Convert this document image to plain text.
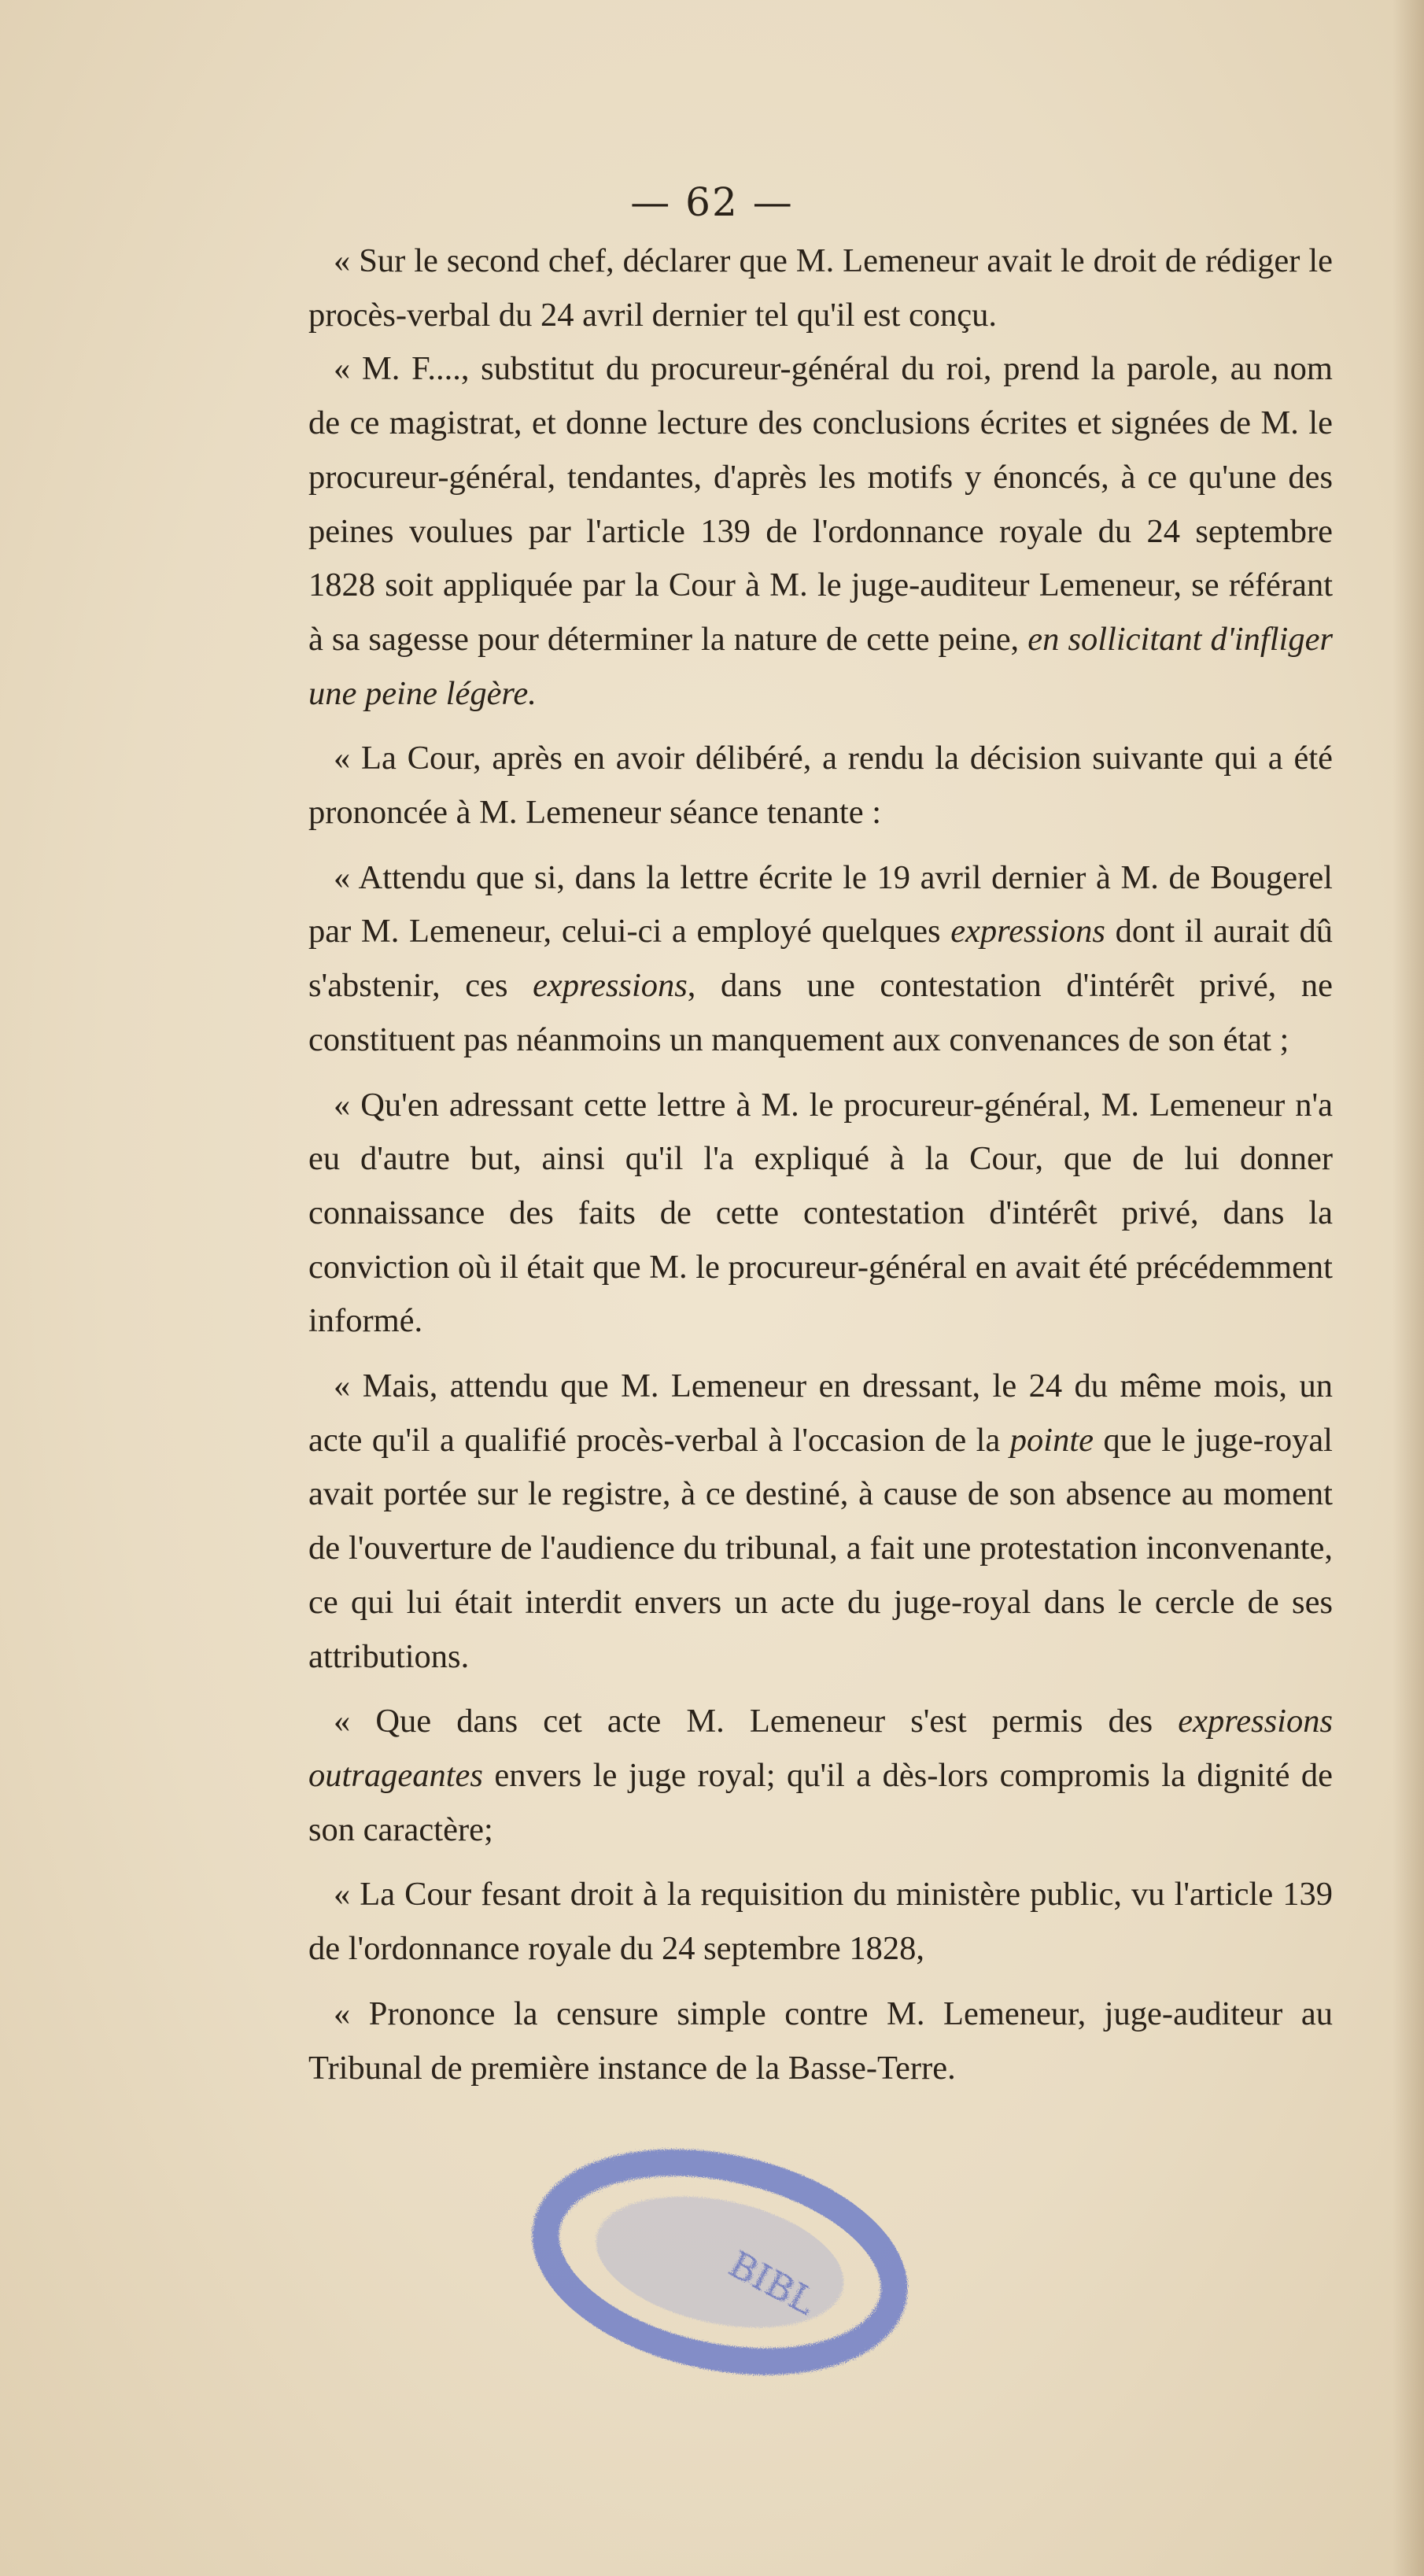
— 62 —

« Sur le second chef, déclarer que M. Lemeneur avait le droit de rédiger le procès-verbal du 24 avril dernier tel qu'il est conçu.

« M. F...., substitut du procureur-général du roi, prend la parole, au nom de ce magistrat, et donne lecture des conclusions écrites et signées de M. le procureur-général, tendantes, d'après les motifs y énoncés, à ce qu'une des peines voulues par l'article 139 de l'ordonnance royale du 24 septembre 1828 soit appliquée par la Cour à M. le juge-auditeur Lemeneur, se référant à sa sagesse pour déterminer la nature de cette peine, en sollicitant d'infliger une peine légère.

« La Cour, après en avoir délibéré, a rendu la décision suivante qui a été prononcée à M. Lemeneur séance tenante :

« Attendu que si, dans la lettre écrite le 19 avril dernier à M. de Bougerel par M. Lemeneur, celui-ci a employé quelques expressions dont il aurait dû s'abstenir, ces expressions, dans une contestation d'intérêt privé, ne constituent pas néanmoins un manquement aux convenances de son état ;

« Qu'en adressant cette lettre à M. le procureur-général, M. Lemeneur n'a eu d'autre but, ainsi qu'il l'a expliqué à la Cour, que de lui donner connaissance des faits de cette contestation d'intérêt privé, dans la conviction où il était que M. le procureur-général en avait été précédemment informé.

« Mais, attendu que M. Lemeneur en dressant, le 24 du même mois, un acte qu'il a qualifié procès-verbal à l'occasion de la pointe que le juge-royal avait portée sur le registre, à ce destiné, à cause de son absence au moment de l'ouverture de l'audience du tribunal, a fait une protestation inconvenante, ce qui lui était interdit envers un acte du juge-royal dans le cercle de ses attributions.

« Que dans cet acte M. Lemeneur s'est permis des expressions outrageantes envers le juge royal; qu'il a dès-lors compromis la dignité de son caractère;

« La Cour fesant droit à la requisition du ministère public, vu l'article 139 de l'ordonnance royale du 24 septembre 1828,

« Prononce la censure simple contre M. Lemeneur, juge-auditeur au Tribunal de première instance de la Basse-Terre.

BIBL
